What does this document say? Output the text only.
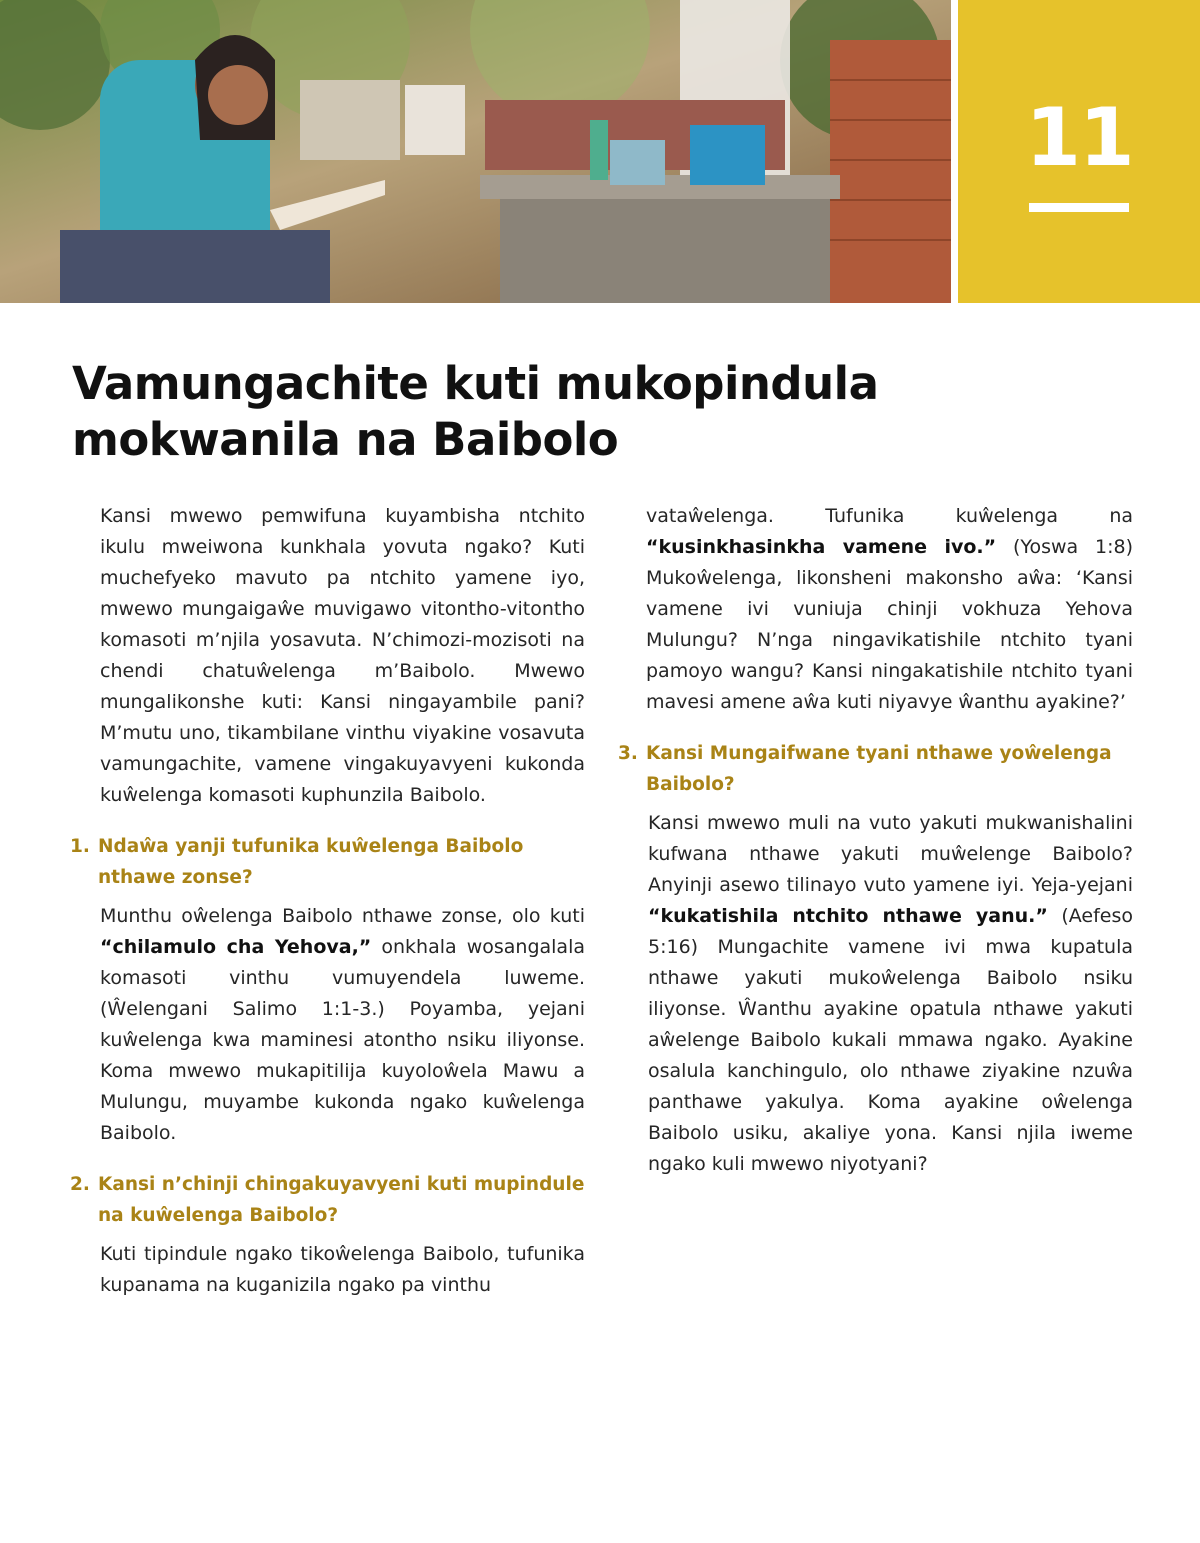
11
Vamungachite kuti mukopindula mokwanila na Baibolo

Kansi mwewo pemwifuna kuyambisha ntchito ikulu mweiwona kunkhala yovuta ngako? Kuti muchefyeko mavuto pa ntchito yamene iyo, mwewo mungaigaŵe muvigawo vitontho-vitontho komasoti m’njila yosavuta. N’chimozi-mozisoti na chendi chatuŵelenga m’Baibolo. Mwewo mungalikonshe kuti: Kansi ningayambile pani? M’mutu uno, tikambilane vinthu viyakine vosavuta vamungachite, vamene vingakuyavyeni kukonda kuŵelenga komasoti kuphunzila Baibolo.

1. Ndaŵa yanji tufunika kuŵelenga Baibolo nthawe zonse?

Munthu oŵelenga Baibolo nthawe zonse, olo kuti “chilamulo cha Yehova,” onkhala wosangalala komasoti vinthu vumuyendela luweme. (Ŵelengani Salimo 1:1-3.) Poyamba, yejani kuŵelenga kwa maminesi atontho nsiku iliyonse. Koma mwewo mukapitilija kuyoloŵela Mawu a Mulungu, muyambe kukonda ngako kuŵelenga Baibolo.

2. Kansi n’chinji chingakuyavyeni kuti mupindule na kuŵelenga Baibolo?

Kuti tipindule ngako tikoŵelenga Baibolo, tufunika kupanama na kuganizila ngako pa vinthu

vataŵelenga. Tufunika kuŵelenga na “kusinkhasinkha vamene ivo.” (Yoswa 1:8) Mukoŵelenga, likonsheni makonsho aŵa: ‘Kansi vamene ivi vuniuja chinji vokhuza Yehova Mulungu? N’nga ningavikatishile ntchito tyani pamoyo wangu? Kansi ningakatishile ntchito tyani mavesi amene aŵa kuti niyavye ŵanthu ayakine?’

3. Kansi Mungaifwane tyani nthawe yoŵelenga Baibolo?

Kansi mwewo muli na vuto yakuti mukwanishalini kufwana nthawe yakuti muŵelenge Baibolo? Anyinji asewo tilinayo vuto yamene iyi. Yeja-yejani “kukatishila ntchito nthawe yanu.” (Aefeso 5:16) Mungachite vamene ivi mwa kupatula nthawe yakuti mukoŵelenga Baibolo nsiku iliyonse. Ŵanthu ayakine opatula nthawe yakuti aŵelenge Baibolo kukali mmawa ngako. Ayakine osalula kanchingulo, olo nthawe ziyakine nzuŵa panthawe yakulya. Koma ayakine oŵelenga Baibolo usiku, akaliye yona. Kansi njila iweme ngako kuli mwewo niyotyani?
